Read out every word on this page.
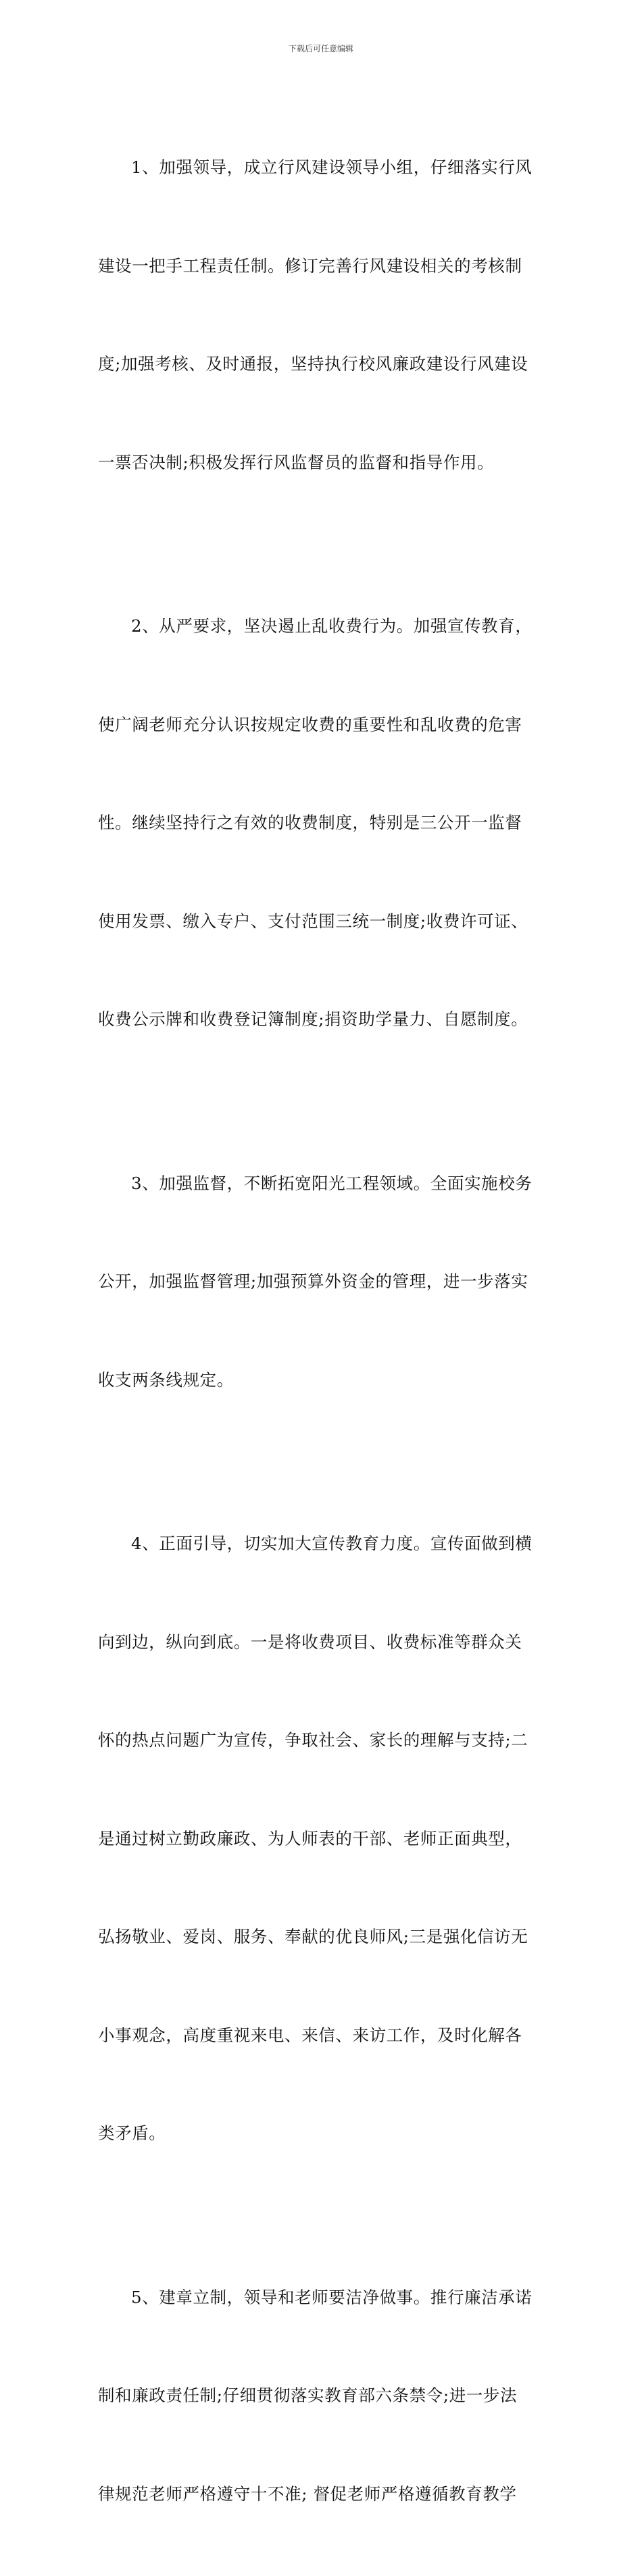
下载后可任意编辑

1、加强领导，成立行风建设领导小组，仔细落实行风

建设一把手工程责任制。修订完善行风建设相关的考核制

度;加强考核、及时通报，坚持执行校风廉政建设行风建设

一票否决制;积极发挥行风监督员的监督和指导作用。

2、从严要求，坚决遏止乱收费行为。加强宣传教育，

使广阔老师充分认识按规定收费的重要性和乱收费的危害

性。继续坚持行之有效的收费制度，特别是三公开一监督

使用发票、缴入专户、支付范围三统一制度;收费许可证、

收费公示牌和收费登记簿制度;捐资助学量力、自愿制度。

3、加强监督，不断拓宽阳光工程领域。全面实施校务

公开，加强监督管理;加强预算外资金的管理，进一步落实

收支两条线规定。

4、正面引导，切实加大宣传教育力度。宣传面做到横

向到边，纵向到底。一是将收费项目、收费标准等群众关

怀的热点问题广为宣传，争取社会、家长的理解与支持;二

是通过树立勤政廉政、为人师表的干部、老师正面典型，

弘扬敬业、爱岗、服务、奉献的优良师风;三是强化信访无

小事观念，高度重视来电、来信、来访工作，及时化解各

类矛盾。

5、建章立制，领导和老师要洁净做事。推行廉洁承诺

制和廉政责任制;仔细贯彻落实教育部六条禁令;进一步法

律规范老师严格遵守十不准; 督促老师严格遵循教育教学
